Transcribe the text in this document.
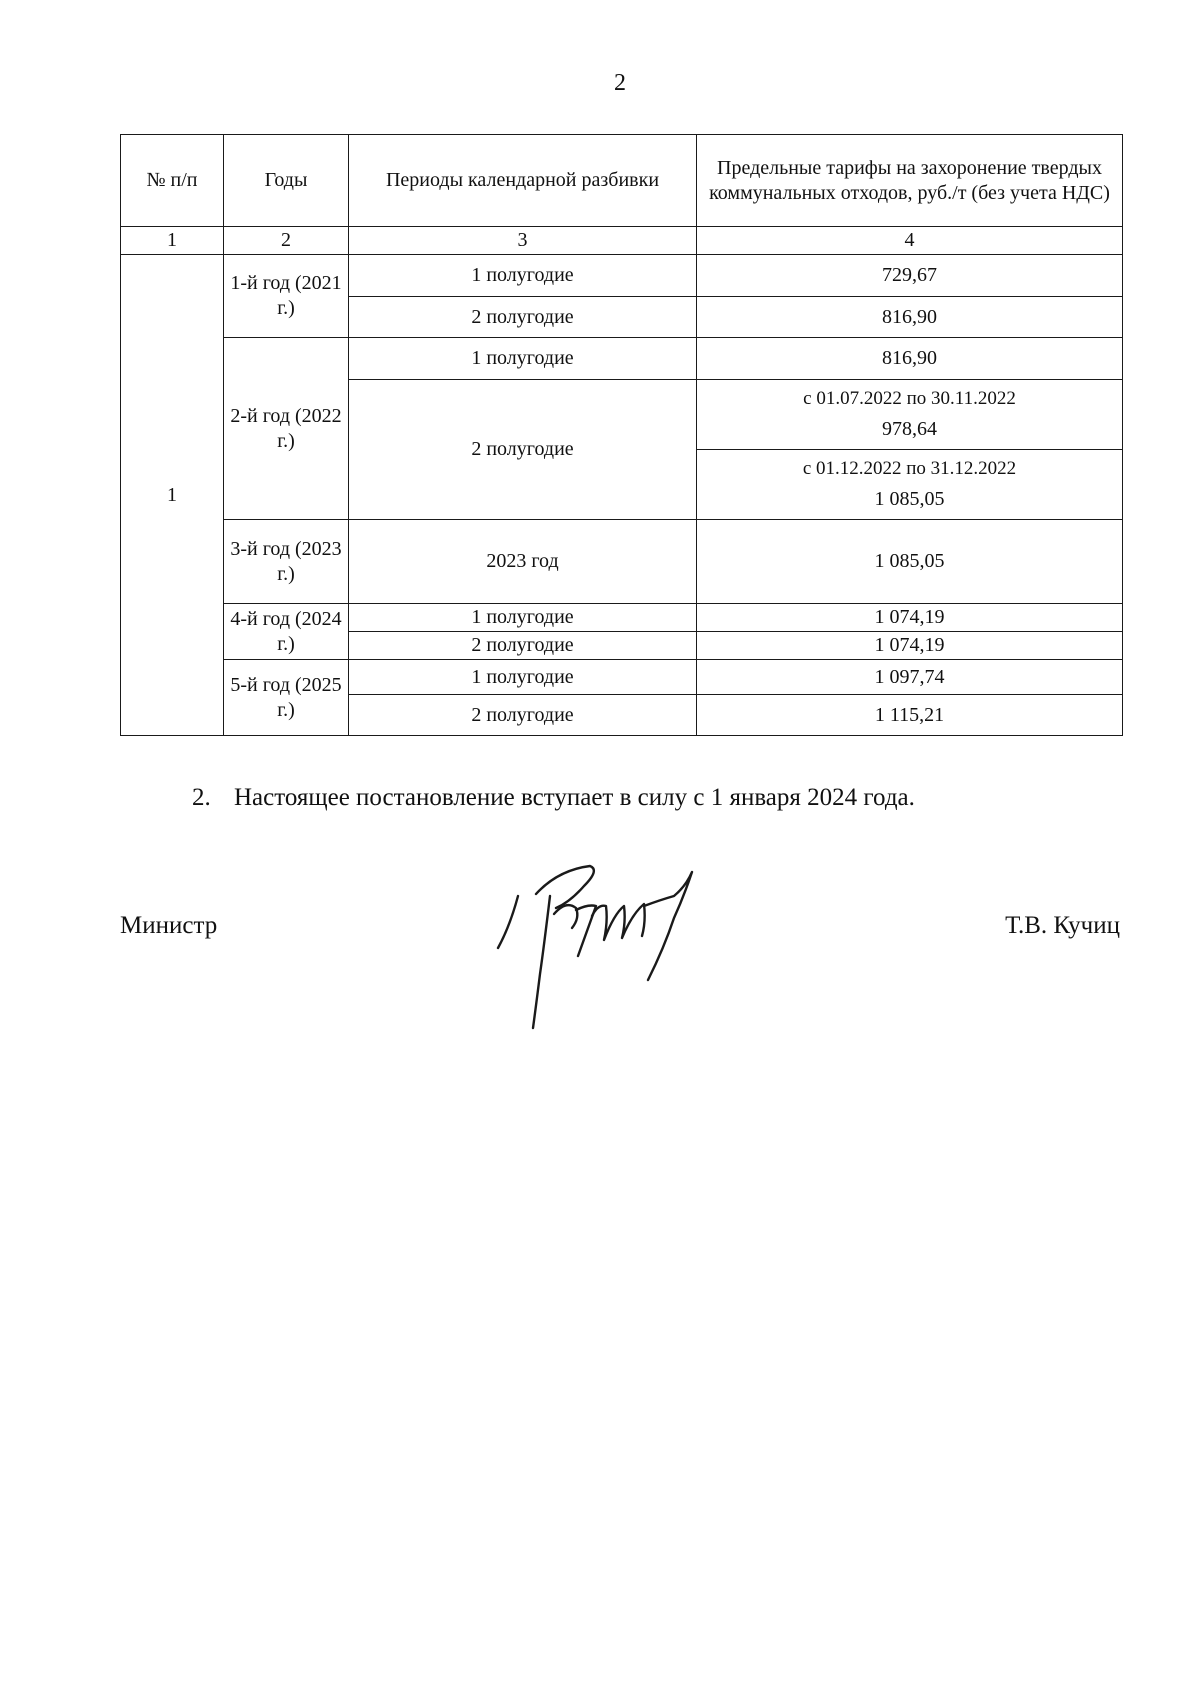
2
№ п/п	Годы	Периоды календарной разбивки	Предельные тарифы на захоронение твердых коммунальных отходов, руб./т (без учета НДС)
1	2	3	4
1	1-й год (2021 г.)	1 полугодие	729,67
		2 полугодие	816,90
	2-й год (2022 г.)	1 полугодие	816,90
		2 полугодие	с 01.07.2022 по 30.11.2022
978,64

			с 01.12.2022 по 31.12.2022
1 085,05

	3-й год (2023 г.)	2023 год	1 085,05
	4-й год (2024 г.)	1 полугодие	1 074,19
		2 полугодие	1 074,19
	5-й год (2025 г.)	1 полугодие	1 097,74
		2 полугодие	1 115,21
2. Настоящее постановление вступает в силу с 1 января 2024 года.
Министр	Т.В. Кучиц
